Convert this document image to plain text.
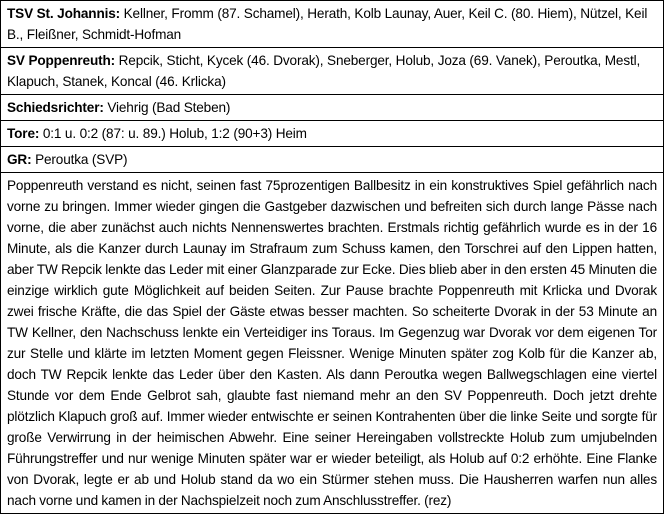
TSV St. Johannis: Kellner, Fromm (87. Schamel), Herath, Kolb Launay, Auer, Keil C. (80. Hiem), Nützel, Keil B., Fleißner, Schmidt-Hofman
SV Poppenreuth: Repcik, Sticht, Kycek (46. Dvorak), Sneberger, Holub, Joza (69. Vanek), Peroutka, Mestl, Klapuch, Stanek, Koncal (46. Krlicka)
Schiedsrichter: Viehrig (Bad Steben)
Tore: 0:1 u. 0:2 (87: u. 89.) Holub, 1:2 (90+3) Heim
GR: Peroutka (SVP)
Poppenreuth verstand es nicht, seinen fast 75prozentigen Ballbesitz in ein konstruktives Spiel gefährlich nach vorne zu bringen. Immer wieder gingen die Gastgeber dazwischen und befreiten sich durch lange Pässe nach vorne, die aber zunächst auch nichts Nennenswertes brachten. Erstmals richtig gefährlich wurde es in der 16 Minute, als die Kanzer durch Launay im Strafraum zum Schuss kamen, den Torschrei auf den Lippen hatten, aber TW Repcik lenkte das Leder mit einer Glanzparade zur Ecke. Dies blieb aber in den ersten 45 Minuten die einzige wirklich gute Möglichkeit auf beiden Seiten. Zur Pause brachte Poppenreuth mit Krlicka und Dvorak zwei frische Kräfte, die das Spiel der Gäste etwas besser machten. So scheiterte Dvorak in der 53 Minute an TW Kellner, den Nachschuss lenkte ein Verteidiger ins Toraus. Im Gegenzug war Dvorak vor dem eigenen Tor zur Stelle und klärte im letzten Moment gegen Fleissner. Wenige Minuten später zog Kolb für die Kanzer ab, doch TW Repcik lenkte das Leder über den Kasten. Als dann Peroutka wegen Ballwegschlagen eine viertel Stunde vor dem Ende Gelbrot sah, glaubte fast niemand mehr an den SV Poppenreuth. Doch jetzt drehte plötzlich Klapuch groß auf. Immer wieder entwischte er seinen Kontrahenten über die linke Seite und sorgte für große Verwirrung in der heimischen Abwehr. Eine seiner Hereingaben vollstreckte Holub zum umjubelnden Führungstreffer und nur wenige Minuten später war er wieder beteiligt, als Holub auf 0:2 erhöhte. Eine Flanke von Dvorak, legte er ab und Holub stand da wo ein Stürmer stehen muss. Die Hausherren warfen nun alles nach vorne und kamen in der Nachspielzeit noch zum Anschlusstreffer. (rez)
